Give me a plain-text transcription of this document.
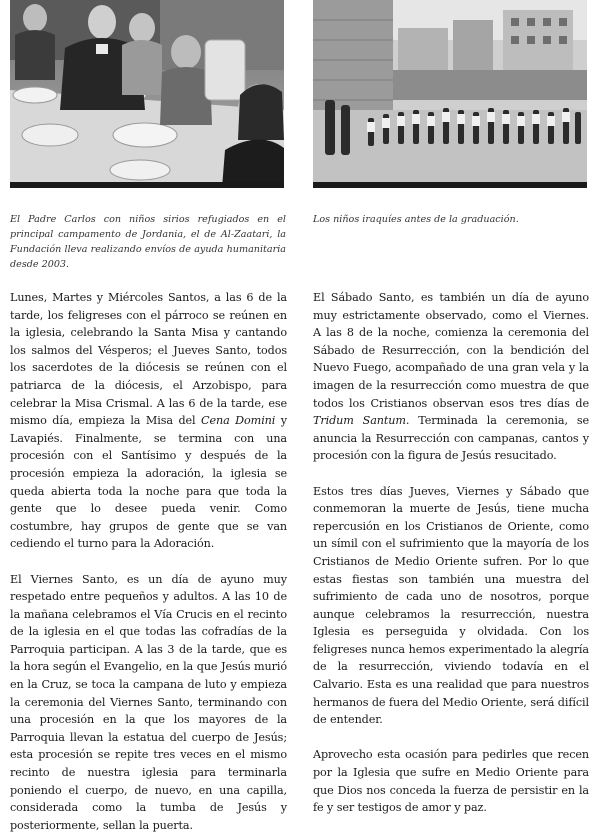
El Padre Carlos con niños sirios refugiados en el principal campamento de Jordania, el de Al-Zaatari, la Fundación lleva realizando envíos de ayuda humanitaria desde 2003.
Los niños iraquíes antes de la graduación.

Lunes, Martes y Miércoles Santos, a las 6 de la tarde, los feligreses con el párroco se reúnen en la iglesia, celebrando la Santa Misa y cantando los salmos del Vésperos; el Jueves Santo, todos los sacerdotes de la diócesis se reúnen con el patriarca de la diócesis, el Arzobispo, para celebrar la Misa Crismal. A las 6 de la tarde, ese mismo día, empieza la Misa del Cena Domini y Lavapiés. Finalmente, se termina con una procesión con el Santísimo y después de la procesión empieza la adoración, la iglesia se queda abierta toda la noche para que toda la gente que lo desee pueda venir. Como costumbre, hay grupos de gente que se van cediendo el turno para la Adoración.

El Viernes Santo, es un día de ayuno muy respetado entre pequeños y adultos. A las 10 de la mañana celebramos el Vía Crucis en el recinto de la iglesia en el que todas las cofradías de la Parroquia participan. A las 3 de la tarde, que es la hora según el Evangelio, en la que Jesús murió en la Cruz, se toca la campana de luto y empieza la ceremonia del Viernes Santo, terminando con una procesión en la que los mayores de la Parroquia llevan la estatua del cuerpo de Jesús; esta procesión se repite tres veces en el mismo recinto de nuestra iglesia para terminarla poniendo el cuerpo, de nuevo, en una capilla, considerada como la tumba de Jesús y posteriormente, sellan la puerta.

El Sábado Santo, es también un día de ayuno muy estrictamente observado, como el Viernes. A las 8 de la noche, comienza la ceremonia del Sábado de Resurrección, con la bendición del Nuevo Fuego, acompañado de una gran vela y la imagen de la resurrección como muestra de que todos los Cristianos observan esos tres días de Tridum Santum. Terminada la ceremonia, se anuncia la Resurrección con campanas, cantos y procesión con la figura de Jesús resucitado.

Estos tres días Jueves, Viernes y Sábado que conmemoran la muerte de Jesús, tiene mucha repercusión en los Cristianos de Oriente, como un símil con el sufrimiento que la mayoría de los Cristianos de Medio Oriente sufren. Por lo que estas fiestas son también una muestra del sufrimiento de cada uno de nosotros, porque aunque celebramos la resurrección, nuestra Iglesia es perseguida y olvidada. Con los feligreses nunca hemos experimentado la alegría de la resurrección, viviendo todavía en el Calvario. Esta es una realidad que para nuestros hermanos de fuera del Medio Oriente, será difícil de entender.

Aprovecho esta ocasión para pedirles que recen por la Iglesia que sufre en Medio Oriente para que Dios nos conceda la fuerza de persistir en la fe y ser testigos de amor y paz.
